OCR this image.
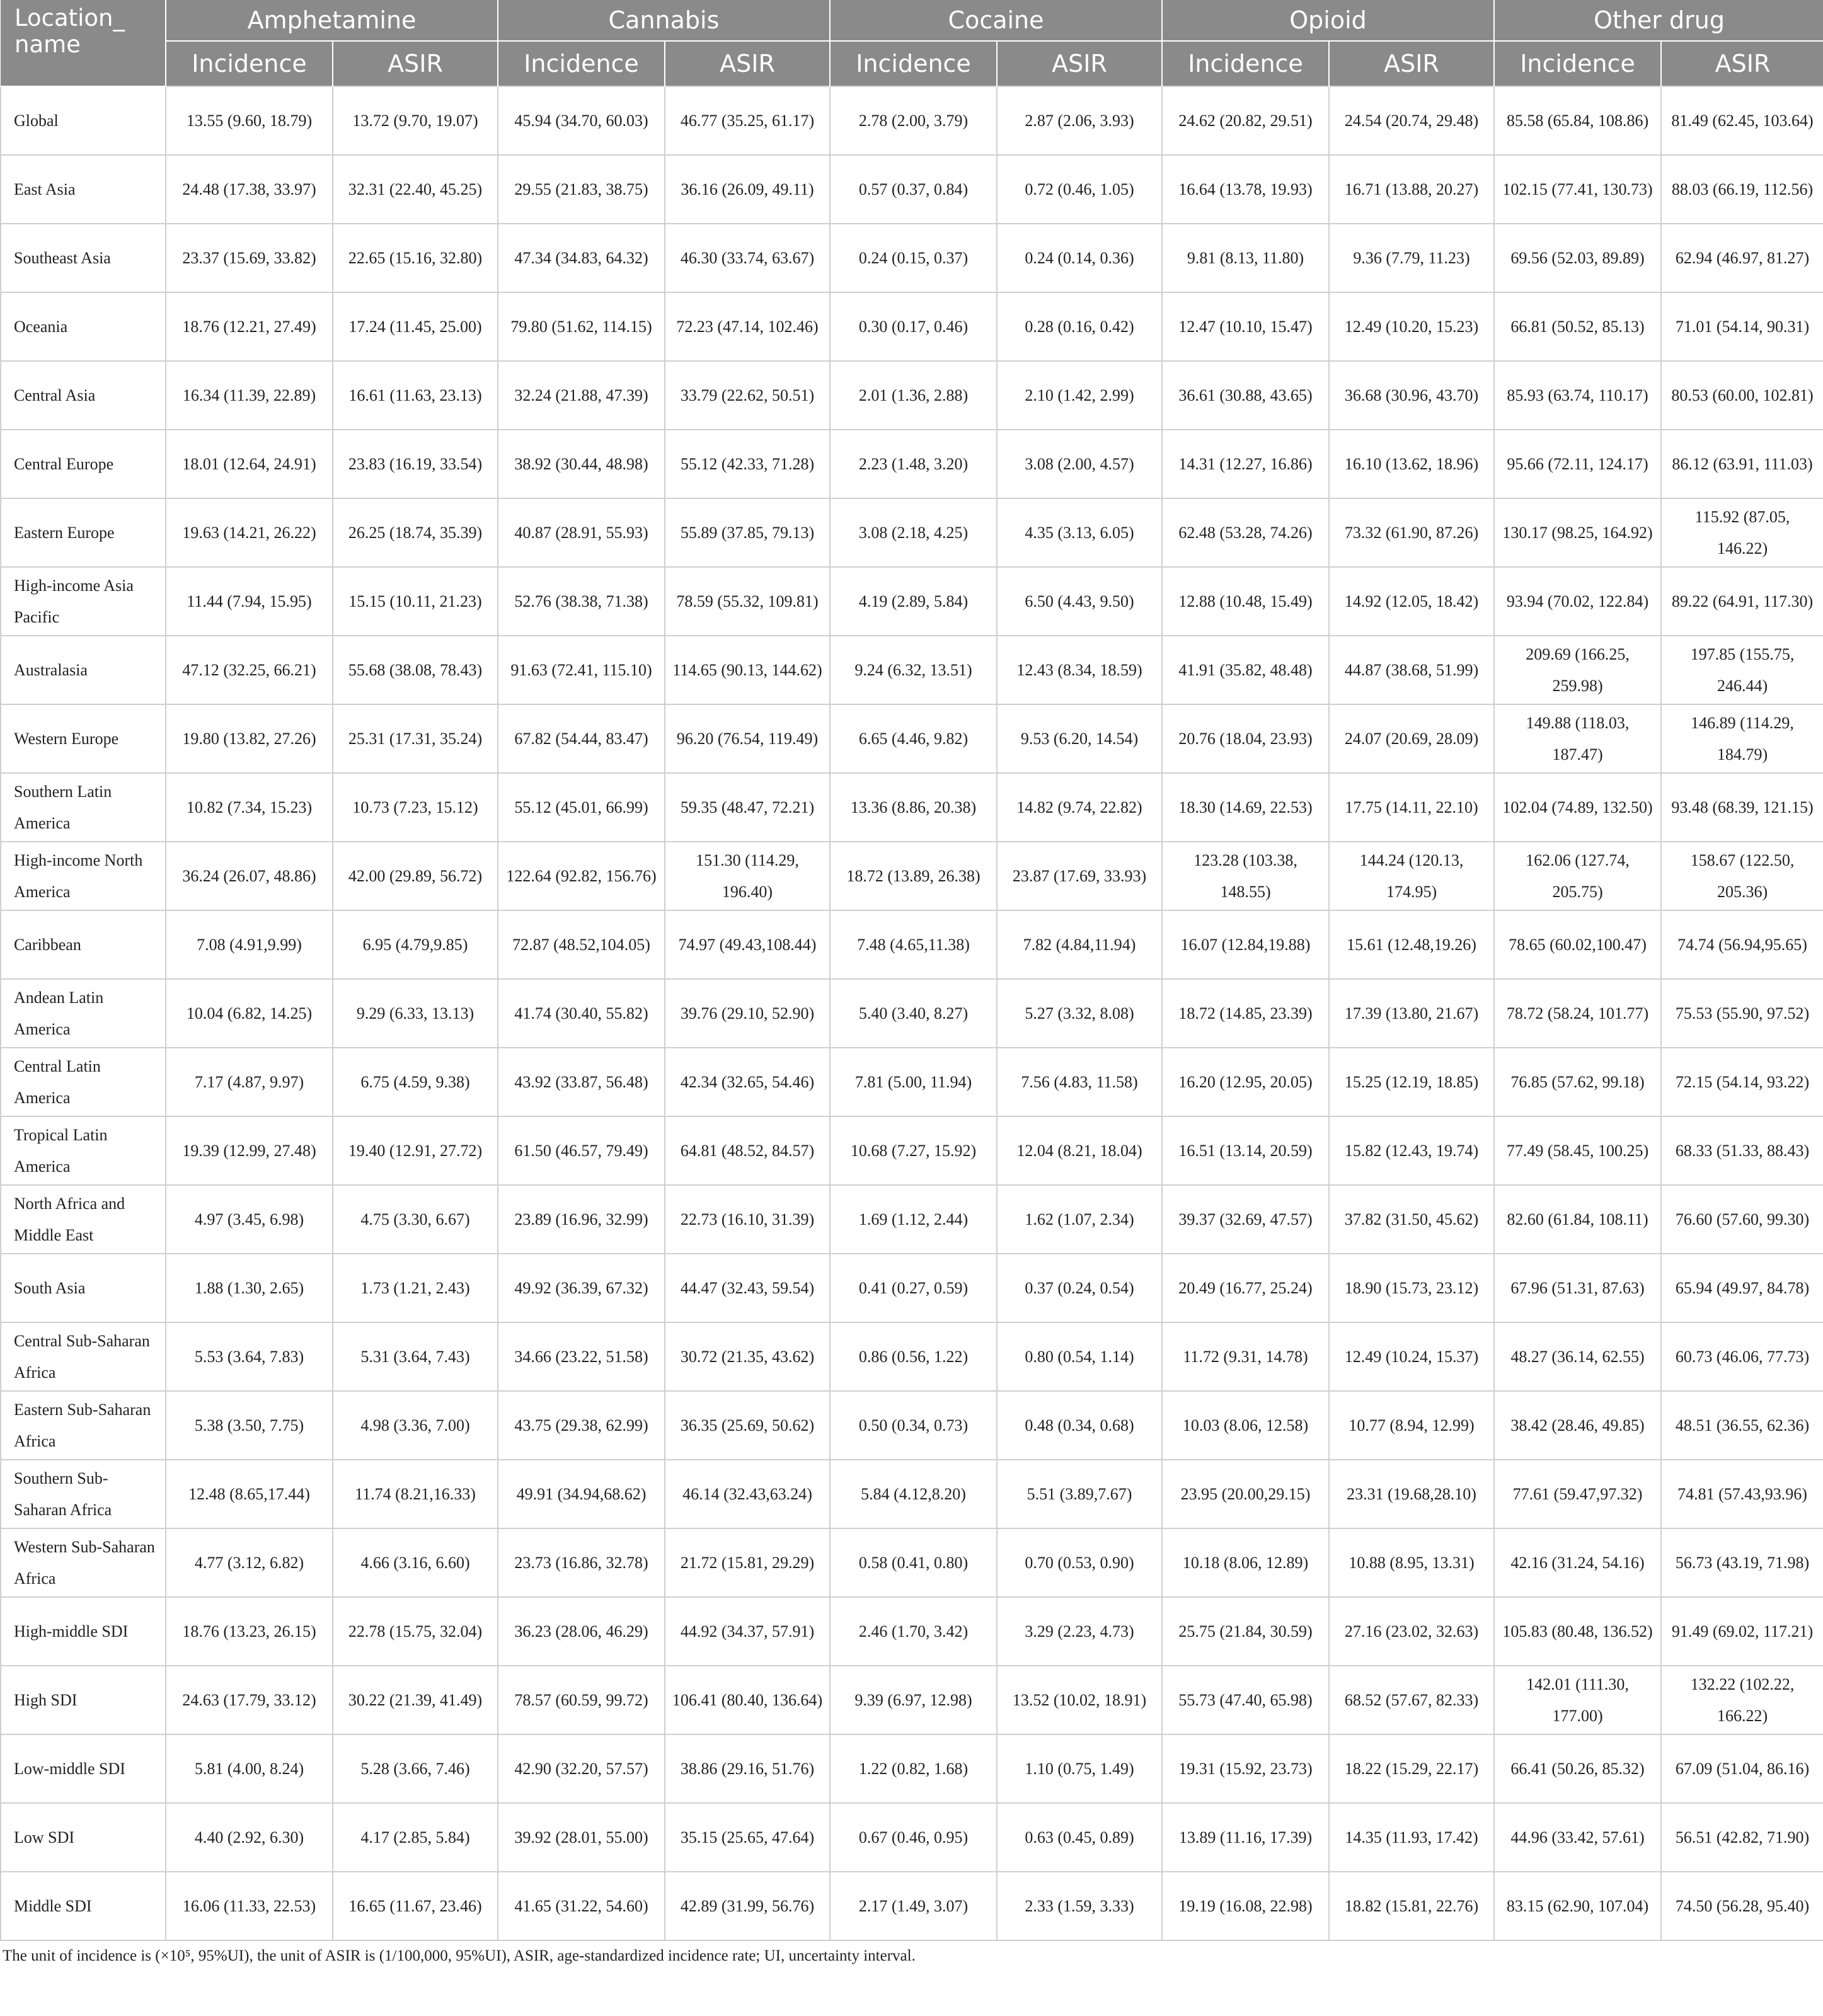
Location_ name	Amphetamine		Cannabis		Cocaine		Opioid		Other drug	
	Incidence	ASIR	Incidence	ASIR	Incidence	ASIR	Incidence	ASIR	Incidence	ASIR
Global	13.55 (9.60, 18.79)	13.72 (9.70, 19.07)	45.94 (34.70, 60.03)	46.77 (35.25, 61.17)	2.78 (2.00, 3.79)	2.87 (2.06, 3.93)	24.62 (20.82, 29.51)	24.54 (20.74, 29.48)	85.58 (65.84, 108.86)	81.49 (62.45, 103.64)
East Asia	24.48 (17.38, 33.97)	32.31 (22.40, 45.25)	29.55 (21.83, 38.75)	36.16 (26.09, 49.11)	0.57 (0.37, 0.84)	0.72 (0.46, 1.05)	16.64 (13.78, 19.93)	16.71 (13.88, 20.27)	102.15 (77.41, 130.73)	88.03 (66.19, 112.56)
Southeast Asia	23.37 (15.69, 33.82)	22.65 (15.16, 32.80)	47.34 (34.83, 64.32)	46.30 (33.74, 63.67)	0.24 (0.15, 0.37)	0.24 (0.14, 0.36)	9.81 (8.13, 11.80)	9.36 (7.79, 11.23)	69.56 (52.03, 89.89)	62.94 (46.97, 81.27)
Oceania	18.76 (12.21, 27.49)	17.24 (11.45, 25.00)	79.80 (51.62, 114.15)	72.23 (47.14, 102.46)	0.30 (0.17, 0.46)	0.28 (0.16, 0.42)	12.47 (10.10, 15.47)	12.49 (10.20, 15.23)	66.81 (50.52, 85.13)	71.01 (54.14, 90.31)
Central Asia	16.34 (11.39, 22.89)	16.61 (11.63, 23.13)	32.24 (21.88, 47.39)	33.79 (22.62, 50.51)	2.01 (1.36, 2.88)	2.10 (1.42, 2.99)	36.61 (30.88, 43.65)	36.68 (30.96, 43.70)	85.93 (63.74, 110.17)	80.53 (60.00, 102.81)
Central Europe	18.01 (12.64, 24.91)	23.83 (16.19, 33.54)	38.92 (30.44, 48.98)	55.12 (42.33, 71.28)	2.23 (1.48, 3.20)	3.08 (2.00, 4.57)	14.31 (12.27, 16.86)	16.10 (13.62, 18.96)	95.66 (72.11, 124.17)	86.12 (63.91, 111.03)
Eastern Europe	19.63 (14.21, 26.22)	26.25 (18.74, 35.39)	40.87 (28.91, 55.93)	55.89 (37.85, 79.13)	3.08 (2.18, 4.25)	4.35 (3.13, 6.05)	62.48 (53.28, 74.26)	73.32 (61.90, 87.26)	130.17 (98.25, 164.92)	115.92 (87.05, 146.22)
High-income Asia Pacific	11.44 (7.94, 15.95)	15.15 (10.11, 21.23)	52.76 (38.38, 71.38)	78.59 (55.32, 109.81)	4.19 (2.89, 5.84)	6.50 (4.43, 9.50)	12.88 (10.48, 15.49)	14.92 (12.05, 18.42)	93.94 (70.02, 122.84)	89.22 (64.91, 117.30)
Australasia	47.12 (32.25, 66.21)	55.68 (38.08, 78.43)	91.63 (72.41, 115.10)	114.65 (90.13, 144.62)	9.24 (6.32, 13.51)	12.43 (8.34, 18.59)	41.91 (35.82, 48.48)	44.87 (38.68, 51.99)	209.69 (166.25, 259.98)	197.85 (155.75, 246.44)
Western Europe	19.80 (13.82, 27.26)	25.31 (17.31, 35.24)	67.82 (54.44, 83.47)	96.20 (76.54, 119.49)	6.65 (4.46, 9.82)	9.53 (6.20, 14.54)	20.76 (18.04, 23.93)	24.07 (20.69, 28.09)	149.88 (118.03, 187.47)	146.89 (114.29, 184.79)
Southern Latin America	10.82 (7.34, 15.23)	10.73 (7.23, 15.12)	55.12 (45.01, 66.99)	59.35 (48.47, 72.21)	13.36 (8.86, 20.38)	14.82 (9.74, 22.82)	18.30 (14.69, 22.53)	17.75 (14.11, 22.10)	102.04 (74.89, 132.50)	93.48 (68.39, 121.15)
High-income North America	36.24 (26.07, 48.86)	42.00 (29.89, 56.72)	122.64 (92.82, 156.76)	151.30 (114.29, 196.40)	18.72 (13.89, 26.38)	23.87 (17.69, 33.93)	123.28 (103.38, 148.55)	144.24 (120.13, 174.95)	162.06 (127.74, 205.75)	158.67 (122.50, 205.36)
Caribbean	7.08 (4.91,9.99)	6.95 (4.79,9.85)	72.87 (48.52,104.05)	74.97 (49.43,108.44)	7.48 (4.65,11.38)	7.82 (4.84,11.94)	16.07 (12.84,19.88)	15.61 (12.48,19.26)	78.65 (60.02,100.47)	74.74 (56.94,95.65)
Andean Latin America	10.04 (6.82, 14.25)	9.29 (6.33, 13.13)	41.74 (30.40, 55.82)	39.76 (29.10, 52.90)	5.40 (3.40, 8.27)	5.27 (3.32, 8.08)	18.72 (14.85, 23.39)	17.39 (13.80, 21.67)	78.72 (58.24, 101.77)	75.53 (55.90, 97.52)
Central Latin America	7.17 (4.87, 9.97)	6.75 (4.59, 9.38)	43.92 (33.87, 56.48)	42.34 (32.65, 54.46)	7.81 (5.00, 11.94)	7.56 (4.83, 11.58)	16.20 (12.95, 20.05)	15.25 (12.19, 18.85)	76.85 (57.62, 99.18)	72.15 (54.14, 93.22)
Tropical Latin America	19.39 (12.99, 27.48)	19.40 (12.91, 27.72)	61.50 (46.57, 79.49)	64.81 (48.52, 84.57)	10.68 (7.27, 15.92)	12.04 (8.21, 18.04)	16.51 (13.14, 20.59)	15.82 (12.43, 19.74)	77.49 (58.45, 100.25)	68.33 (51.33, 88.43)
North Africa and Middle East	4.97 (3.45, 6.98)	4.75 (3.30, 6.67)	23.89 (16.96, 32.99)	22.73 (16.10, 31.39)	1.69 (1.12, 2.44)	1.62 (1.07, 2.34)	39.37 (32.69, 47.57)	37.82 (31.50, 45.62)	82.60 (61.84, 108.11)	76.60 (57.60, 99.30)
South Asia	1.88 (1.30, 2.65)	1.73 (1.21, 2.43)	49.92 (36.39, 67.32)	44.47 (32.43, 59.54)	0.41 (0.27, 0.59)	0.37 (0.24, 0.54)	20.49 (16.77, 25.24)	18.90 (15.73, 23.12)	67.96 (51.31, 87.63)	65.94 (49.97, 84.78)
Central Sub-Saharan Africa	5.53 (3.64, 7.83)	5.31 (3.64, 7.43)	34.66 (23.22, 51.58)	30.72 (21.35, 43.62)	0.86 (0.56, 1.22)	0.80 (0.54, 1.14)	11.72 (9.31, 14.78)	12.49 (10.24, 15.37)	48.27 (36.14, 62.55)	60.73 (46.06, 77.73)
Eastern Sub-Saharan Africa	5.38 (3.50, 7.75)	4.98 (3.36, 7.00)	43.75 (29.38, 62.99)	36.35 (25.69, 50.62)	0.50 (0.34, 0.73)	0.48 (0.34, 0.68)	10.03 (8.06, 12.58)	10.77 (8.94, 12.99)	38.42 (28.46, 49.85)	48.51 (36.55, 62.36)
Southern Sub-Saharan Africa	12.48 (8.65,17.44)	11.74 (8.21,16.33)	49.91 (34.94,68.62)	46.14 (32.43,63.24)	5.84 (4.12,8.20)	5.51 (3.89,7.67)	23.95 (20.00,29.15)	23.31 (19.68,28.10)	77.61 (59.47,97.32)	74.81 (57.43,93.96)
Western Sub-Saharan Africa	4.77 (3.12, 6.82)	4.66 (3.16, 6.60)	23.73 (16.86, 32.78)	21.72 (15.81, 29.29)	0.58 (0.41, 0.80)	0.70 (0.53, 0.90)	10.18 (8.06, 12.89)	10.88 (8.95, 13.31)	42.16 (31.24, 54.16)	56.73 (43.19, 71.98)
High-middle SDI	18.76 (13.23, 26.15)	22.78 (15.75, 32.04)	36.23 (28.06, 46.29)	44.92 (34.37, 57.91)	2.46 (1.70, 3.42)	3.29 (2.23, 4.73)	25.75 (21.84, 30.59)	27.16 (23.02, 32.63)	105.83 (80.48, 136.52)	91.49 (69.02, 117.21)
High SDI	24.63 (17.79, 33.12)	30.22 (21.39, 41.49)	78.57 (60.59, 99.72)	106.41 (80.40, 136.64)	9.39 (6.97, 12.98)	13.52 (10.02, 18.91)	55.73 (47.40, 65.98)	68.52 (57.67, 82.33)	142.01 (111.30, 177.00)	132.22 (102.22, 166.22)
Low-middle SDI	5.81 (4.00, 8.24)	5.28 (3.66, 7.46)	42.90 (32.20, 57.57)	38.86 (29.16, 51.76)	1.22 (0.82, 1.68)	1.10 (0.75, 1.49)	19.31 (15.92, 23.73)	18.22 (15.29, 22.17)	66.41 (50.26, 85.32)	67.09 (51.04, 86.16)
Low SDI	4.40 (2.92, 6.30)	4.17 (2.85, 5.84)	39.92 (28.01, 55.00)	35.15 (25.65, 47.64)	0.67 (0.46, 0.95)	0.63 (0.45, 0.89)	13.89 (11.16, 17.39)	14.35 (11.93, 17.42)	44.96 (33.42, 57.61)	56.51 (42.82, 71.90)
Middle SDI	16.06 (11.33, 22.53)	16.65 (11.67, 23.46)	41.65 (31.22, 54.60)	42.89 (31.99, 56.76)	2.17 (1.49, 3.07)	2.33 (1.59, 3.33)	19.19 (16.08, 22.98)	18.82 (15.81, 22.76)	83.15 (62.90, 107.04)	74.50 (56.28, 95.40)
The unit of incidence is (×10⁵, 95%UI), the unit of ASIR is (1/100,000, 95%UI), ASIR, age-standardized incidence rate; UI, uncertainty interval.
